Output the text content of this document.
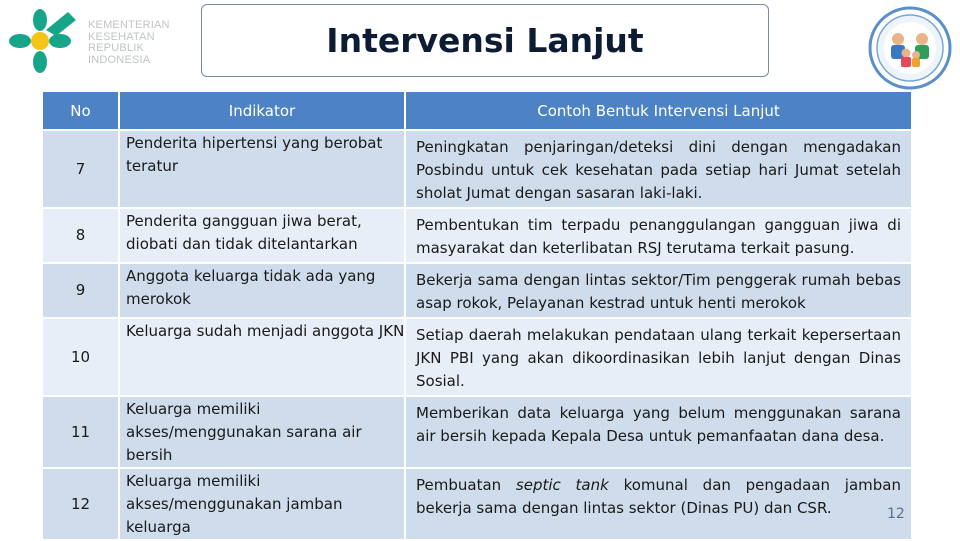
KEMENTERIAN
KESEHATAN
REPUBLIK
INDONESIA	Intervensi Lanjut
No	Indikator	Contoh Bentuk Intervensi Lanjut
7	Penderita hipertensi yang berobat teratur	Peningkatan penjaringan/deteksi dini dengan mengadakan Posbindu untuk cek kesehatan pada setiap hari Jumat setelah sholat Jumat dengan sasaran laki-laki.
8	Penderita gangguan jiwa berat, diobati dan tidak ditelantarkan	Pembentukan tim terpadu penanggulangan gangguan jiwa di masyarakat dan keterlibatan RSJ terutama terkait pasung.
9	Anggota keluarga tidak ada yang merokok	Bekerja sama dengan lintas sektor/Tim penggerak rumah bebas asap rokok, Pelayanan kestrad untuk henti merokok
10	Keluarga sudah menjadi anggota JKN	Setiap daerah melakukan pendataan ulang terkait kepersertaan JKN PBI yang akan dikoordinasikan lebih lanjut dengan Dinas Sosial.
11	Keluarga memiliki akses/menggunakan sarana air bersih	Memberikan data keluarga yang belum menggunakan sarana air bersih kepada Kepala Desa untuk pemanfaatan dana desa.
12	Keluarga memiliki akses/menggunakan jamban keluarga	Pembuatan septic tank komunal dan pengadaan jamban bekerja sama dengan lintas sektor (Dinas PU) dan CSR.	12
